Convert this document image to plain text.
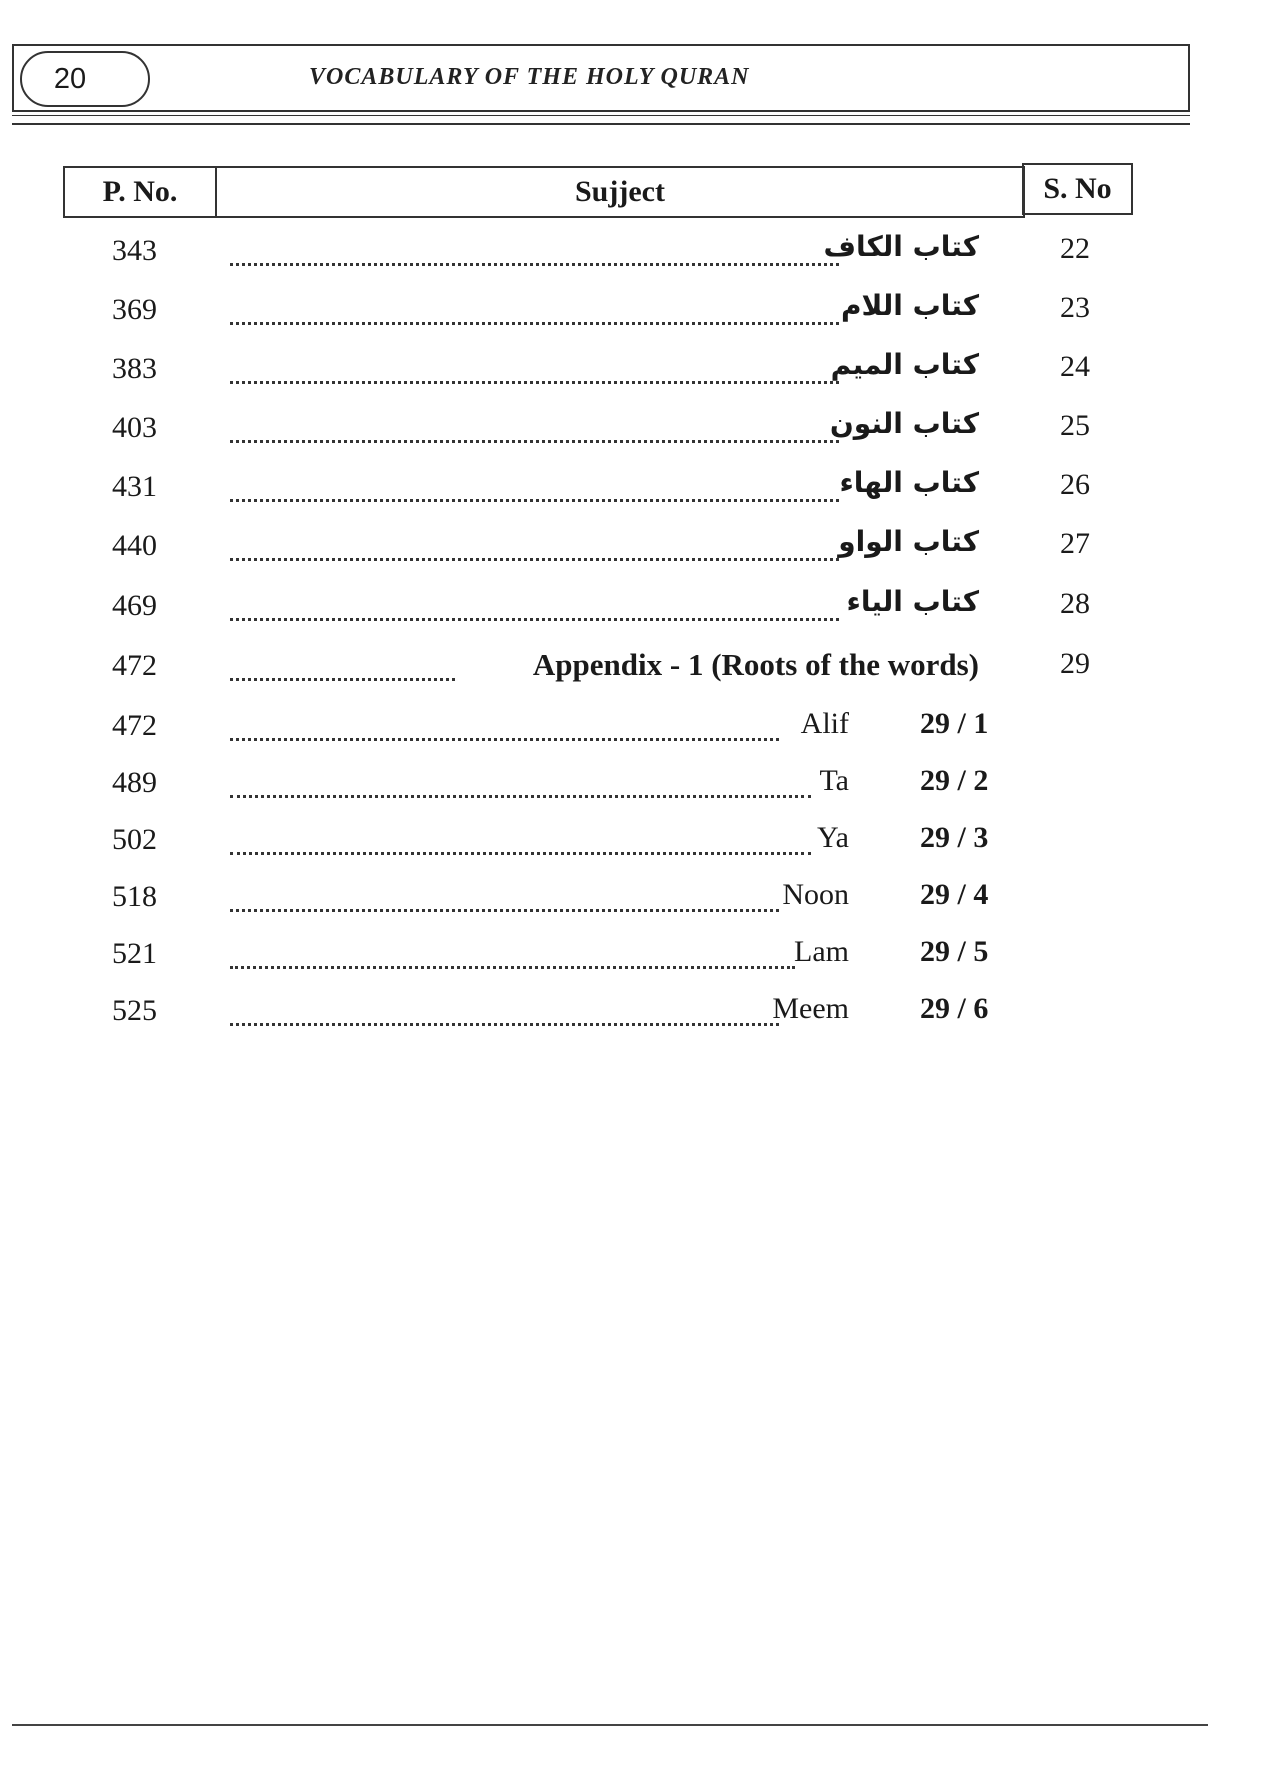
20	VOCABULARY OF THE HOLY QURAN
P. No.	Sujject	S. No
343	كتاب الكاف	22
369	كتاب اللام	23
383	كتاب الميم	24
403	كتاب النون	25
431	كتاب الهاء	26
440	كتاب الواو	27
469	كتاب الياء	28
472	Appendix - 1 (Roots of the words)	29
472	Alif 29 / 1
489	Ta 29 / 2
502	Ya 29 / 3
518	Noon 29 / 4
521	Lam 29 / 5
525	Meem 29 / 6
